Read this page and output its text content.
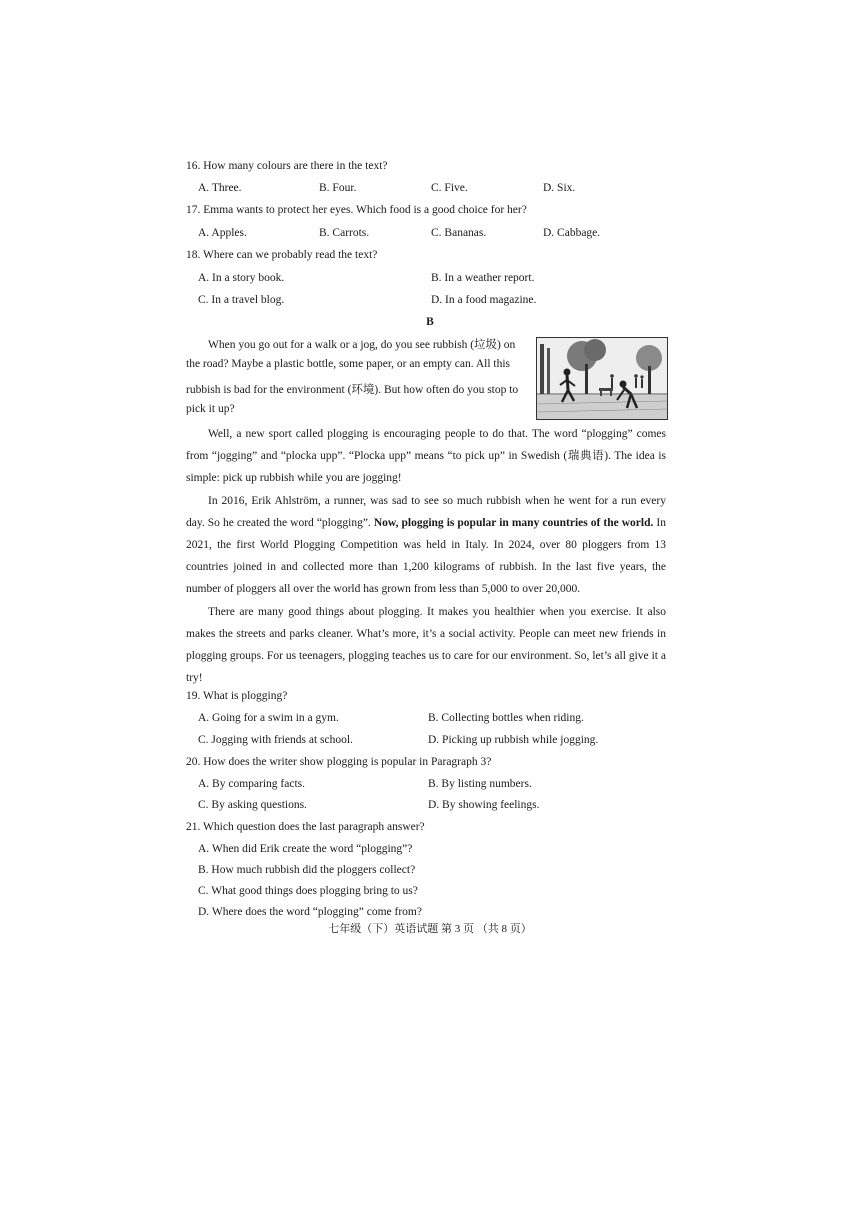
16. How many colours are there in the text?
A. Three.	B. Four.	C. Five.	D. Six.
17. Emma wants to protect her eyes. Which food is a good choice for her?
A. Apples.	B. Carrots.	C. Bananas.	D. Cabbage.
18. Where can we probably read the text?
A. In a story book.	B. In a weather report.
C. In a travel blog.	D. In a food magazine.
B
When you go out for a walk or a jog, do you see rubbish (垃圾) on
the road? Maybe a plastic bottle, some paper, or an empty can. All this
rubbish is bad for the environment (环境). But how often do you stop to
pick it up?

Well, a new sport called plogging is encouraging people to do that. The word “plogging” comes from “jogging” and “plocka upp”. “Plocka upp” means “to pick up” in Swedish (瑞典语). The idea is simple: pick up rubbish while you are jogging!

In 2016, Erik Ahlström, a runner, was sad to see so much rubbish when he went for a run every day. So he created the word “plogging”. Now, plogging is popular in many countries of the world. In 2021, the first World Plogging Competition was held in Italy. In 2024, over 80 ploggers from 13 countries joined in and collected more than 1,200 kilograms of rubbish. In the last five years, the number of ploggers all over the world has grown from less than 5,000 to over 20,000.

There are many good things about plogging. It makes you healthier when you exercise. It also makes the streets and parks cleaner. What’s more, it’s a social activity. People can meet new friends in plogging groups. For us teenagers, plogging teaches us to care for our environment. So, let’s all give it a try!

19. What is plogging?
A. Going for a swim in a gym.	B. Collecting bottles when riding.
C. Jogging with friends at school.	D. Picking up rubbish while jogging.
20. How does the writer show plogging is popular in Paragraph 3?
A. By comparing facts.	B. By listing numbers.
C. By asking questions.	D. By showing feelings.
21. Which question does the last paragraph answer?
A. When did Erik create the word “plogging”?
B. How much rubbish did the ploggers collect?
C. What good things does plogging bring to us?
D. Where does the word “plogging” come from?
七年级（下）英语试题 第 3 页 （共 8 页）
